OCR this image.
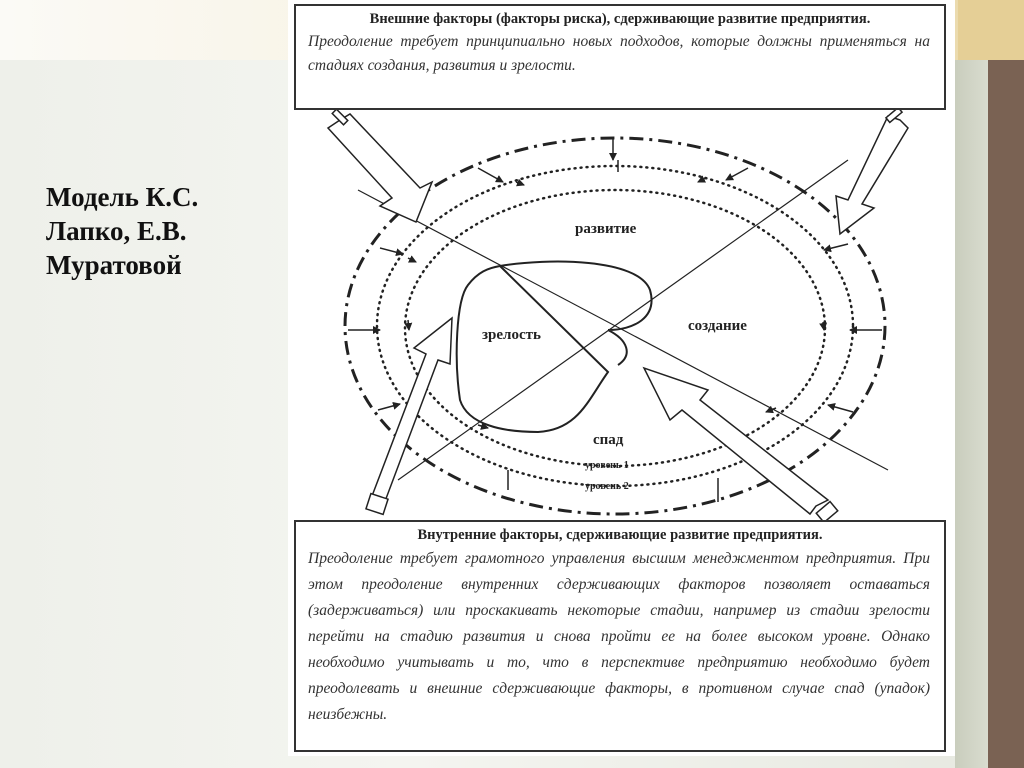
Модель К.С. Лапко, Е.В. Муратовой
развитие
создание
зрелость
спад
уровень 1
уровень 2
Внешние факторы (факторы риска), сдерживающие развитие предприятия.
Преодоление требует принципиально новых подходов, которые должны применяться на стадиях создания, развития и зрелости.
Внутренние факторы, сдерживающие развитие предприятия.
Преодоление требует грамотного управления высшим менеджментом предприятия. При этом преодоление внутренних сдерживающих факторов позволяет оставаться (задерживаться) или проскакивать некоторые стадии, например из стадии зрелости перейти на стадию развития и снова пройти ее на более высоком уровне. Однако необходимо учитывать и то, что в перспективе предприятию необходимо будет преодолевать и внешние сдерживающие факторы, в противном случае спад (упадок) неизбежны.
